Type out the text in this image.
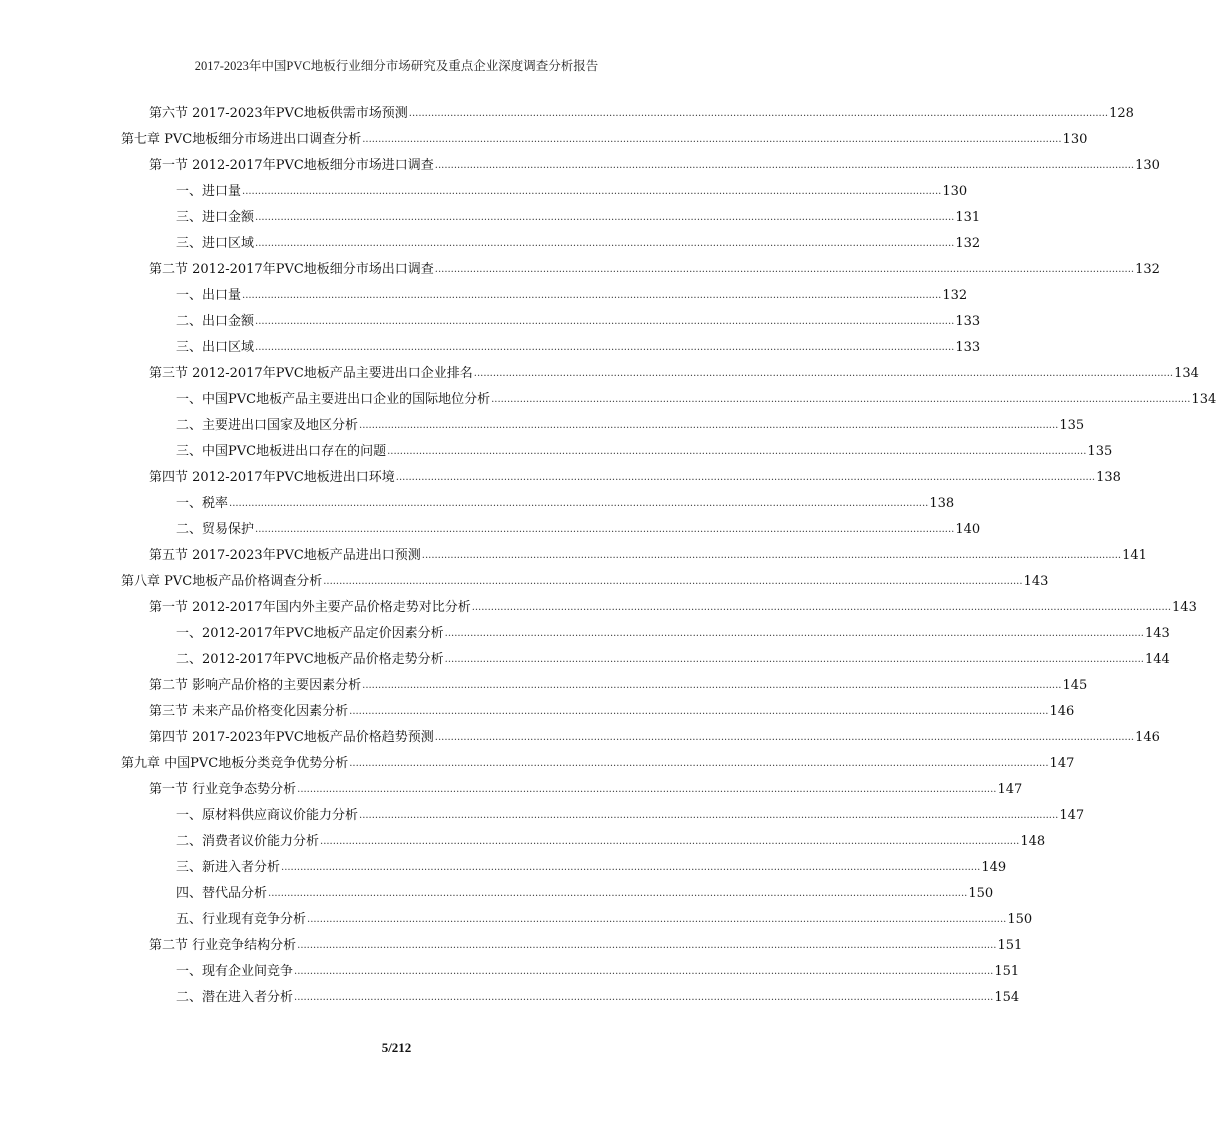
2017-2023年中国PVC地板行业细分市场研究及重点企业深度调查分析报告
第六节 2017-2023年PVC地板供需市场预测 ............................................................................................................................................................................................................................ 128
第七章 PVC地板细分市场进出口调查分析 ............................................................................................................................................................................................................................ 130
第一节 2012-2017年PVC地板细分市场进口调查 ............................................................................................................................................................................................................................ 130
一、进口量 ............................................................................................................................................................................................................................ 130
三、进口金额 ............................................................................................................................................................................................................................ 131
三、进口区域 ............................................................................................................................................................................................................................ 132
第二节 2012-2017年PVC地板细分市场出口调查 ............................................................................................................................................................................................................................ 132
一、出口量 ............................................................................................................................................................................................................................ 132
二、出口金额 ............................................................................................................................................................................................................................ 133
三、出口区域 ............................................................................................................................................................................................................................ 133
第三节 2012-2017年PVC地板产品主要进出口企业排名 ............................................................................................................................................................................................................................ 134
一、中国PVC地板产品主要进出口企业的国际地位分析 ............................................................................................................................................................................................................................ 134
二、主要进出口国家及地区分析 ............................................................................................................................................................................................................................ 135
三、中国PVC地板进出口存在的问题 ............................................................................................................................................................................................................................ 135
第四节 2012-2017年PVC地板进出口环境 ............................................................................................................................................................................................................................ 138
一、税率 ............................................................................................................................................................................................................................ 138
二、贸易保护 ............................................................................................................................................................................................................................ 140
第五节 2017-2023年PVC地板产品进出口预测 ............................................................................................................................................................................................................................ 141
第八章 PVC地板产品价格调查分析 ............................................................................................................................................................................................................................ 143
第一节 2012-2017年国内外主要产品价格走势对比分析 ............................................................................................................................................................................................................................ 143
一、2012-2017年PVC地板产品定价因素分析 ............................................................................................................................................................................................................................ 143
二、2012-2017年PVC地板产品价格走势分析 ............................................................................................................................................................................................................................ 144
第二节 影响产品价格的主要因素分析 ............................................................................................................................................................................................................................ 145
第三节 未来产品价格变化因素分析 ............................................................................................................................................................................................................................ 146
第四节 2017-2023年PVC地板产品价格趋势预测 ............................................................................................................................................................................................................................ 146
第九章 中国PVC地板分类竞争优势分析 ............................................................................................................................................................................................................................ 147
第一节 行业竞争态势分析 ............................................................................................................................................................................................................................ 147
一、原材料供应商议价能力分析 ............................................................................................................................................................................................................................ 147
二、消费者议价能力分析 ............................................................................................................................................................................................................................ 148
三、新进入者分析 ............................................................................................................................................................................................................................ 149
四、替代品分析 ............................................................................................................................................................................................................................ 150
五、行业现有竞争分析 ............................................................................................................................................................................................................................ 150
第二节 行业竞争结构分析 ............................................................................................................................................................................................................................ 151
一、现有企业间竞争 ............................................................................................................................................................................................................................ 151
二、潜在进入者分析 ............................................................................................................................................................................................................................ 154
5/212
